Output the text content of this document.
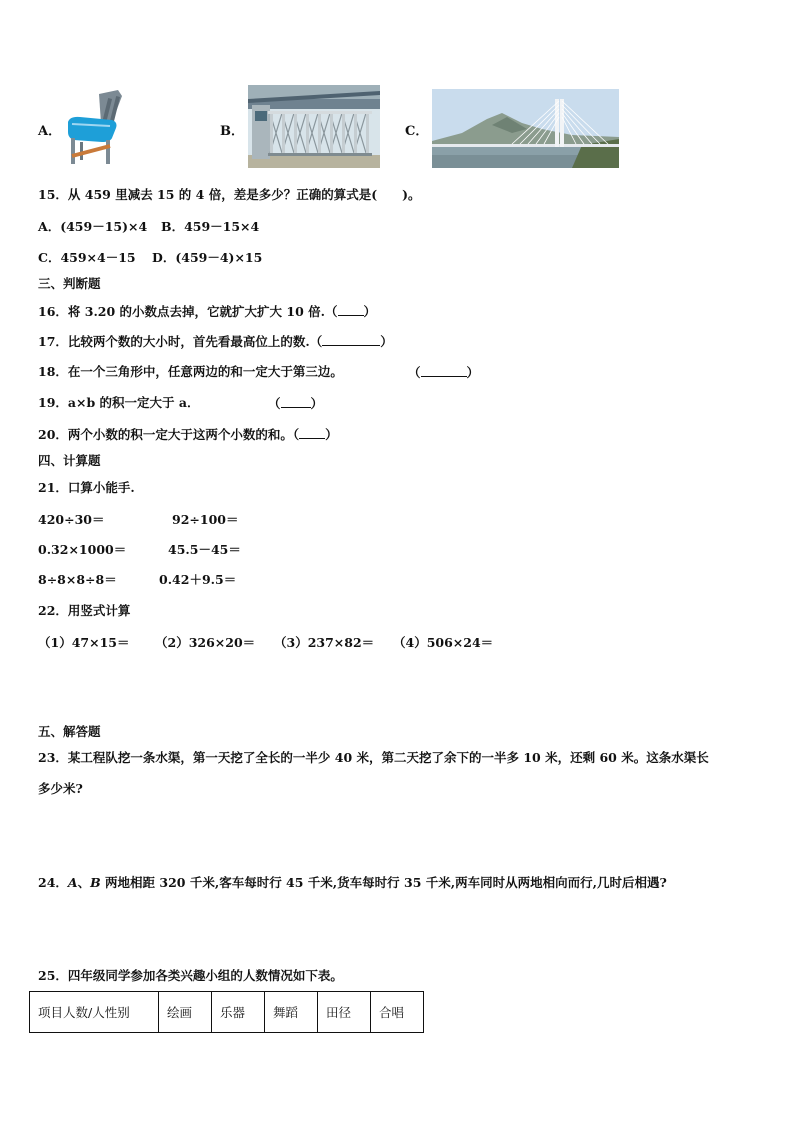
A．	B．	C．
15．从 459 里减去 15 的 4 倍，差是多少？正确的算式是(　　)。
A．(459－15)×4 B．459－15×4
C．459×4－15 D．(459－4)×15
三、判断题
16．将 3.20 的小数点去掉，它就扩大扩大 10 倍.（ ）
17．比较两个数的大小时，首先看最高位上的数.（	）
18．在一个三角形中，任意两边的和一定大于第三边。	（	）
19．a×b 的积一定大于 a．	（ ）
20．两个小数的积一定大于这两个小数的和。（ ）
四、计算题
21．口算小能手.
420÷30＝	92÷100＝
0.32×1000＝	45.5－45＝
8÷8×8÷8＝	0.42＋9.5＝
22．用竖式计算
（1）47×15＝ （2）326×20＝ （3）237×82＝ （4）506×24＝
五、解答题
23．某工程队挖一条水渠，第一天挖了全长的一半少 40 米，第二天挖了余下的一半多 10 米，还剩 60 米。这条水渠长
多少米?
24．A、B 两地相距 320 千米,客车每时行 45 千米,货车每时行 35 千米,两车同时从两地相向而行,几时后相遇?
25．四年级同学参加各类兴趣小组的人数情况如下表。
项目人数/人性别	绘画	乐器	舞蹈	田径	合唱
